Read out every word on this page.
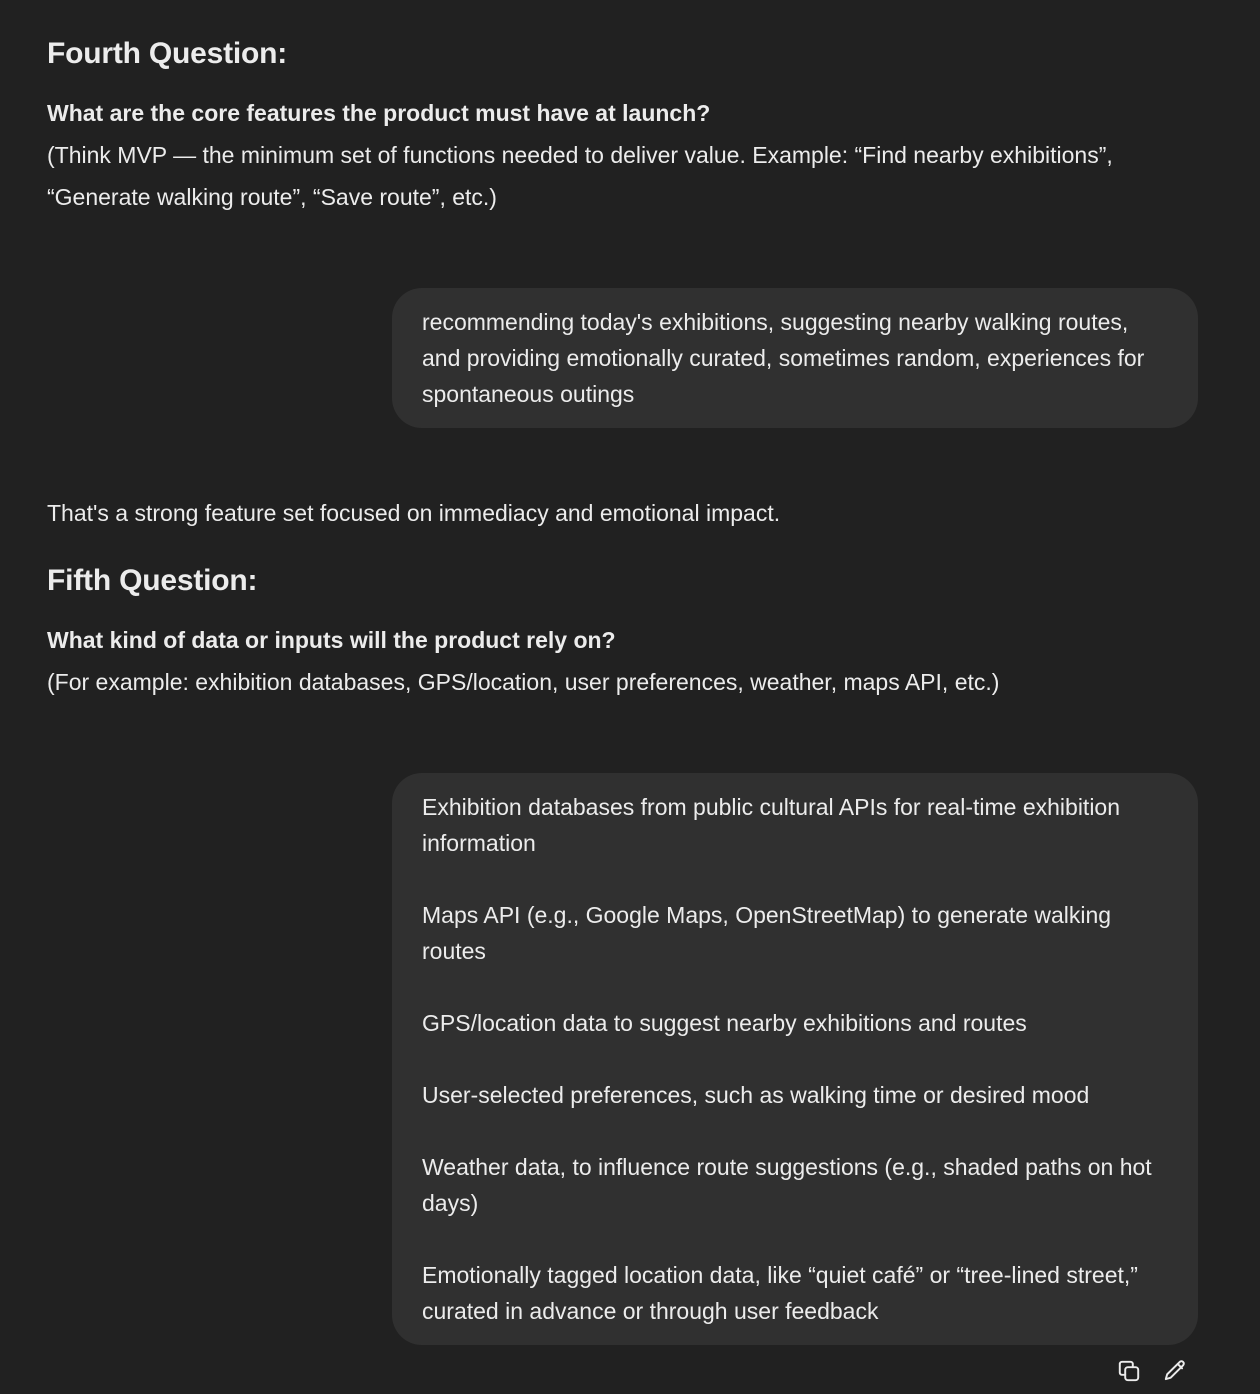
Fourth Question:

What are the core features the product must have at launch?

(Think MVP — the minimum set of functions needed to deliver value. Example: “Find nearby exhibitions”, “Generate walking route”, “Save route”, etc.)

recommending today's exhibitions, suggesting nearby walking routes, and providing emotionally curated, sometimes random, experiences for spontaneous outings

That's a strong feature set focused on immediacy and emotional impact.

Fifth Question:

What kind of data or inputs will the product rely on?

(For example: exhibition databases, GPS/location, user preferences, weather, maps API, etc.)

Exhibition databases from public cultural APIs for real-time exhibition information

Maps API (e.g., Google Maps, OpenStreetMap) to generate walking routes

GPS/location data to suggest nearby exhibitions and routes

User-selected preferences, such as walking time or desired mood

Weather data, to influence route suggestions (e.g., shaded paths on hot days)

Emotionally tagged location data, like “quiet café” or “tree-lined street,” curated in advance or through user feedback
